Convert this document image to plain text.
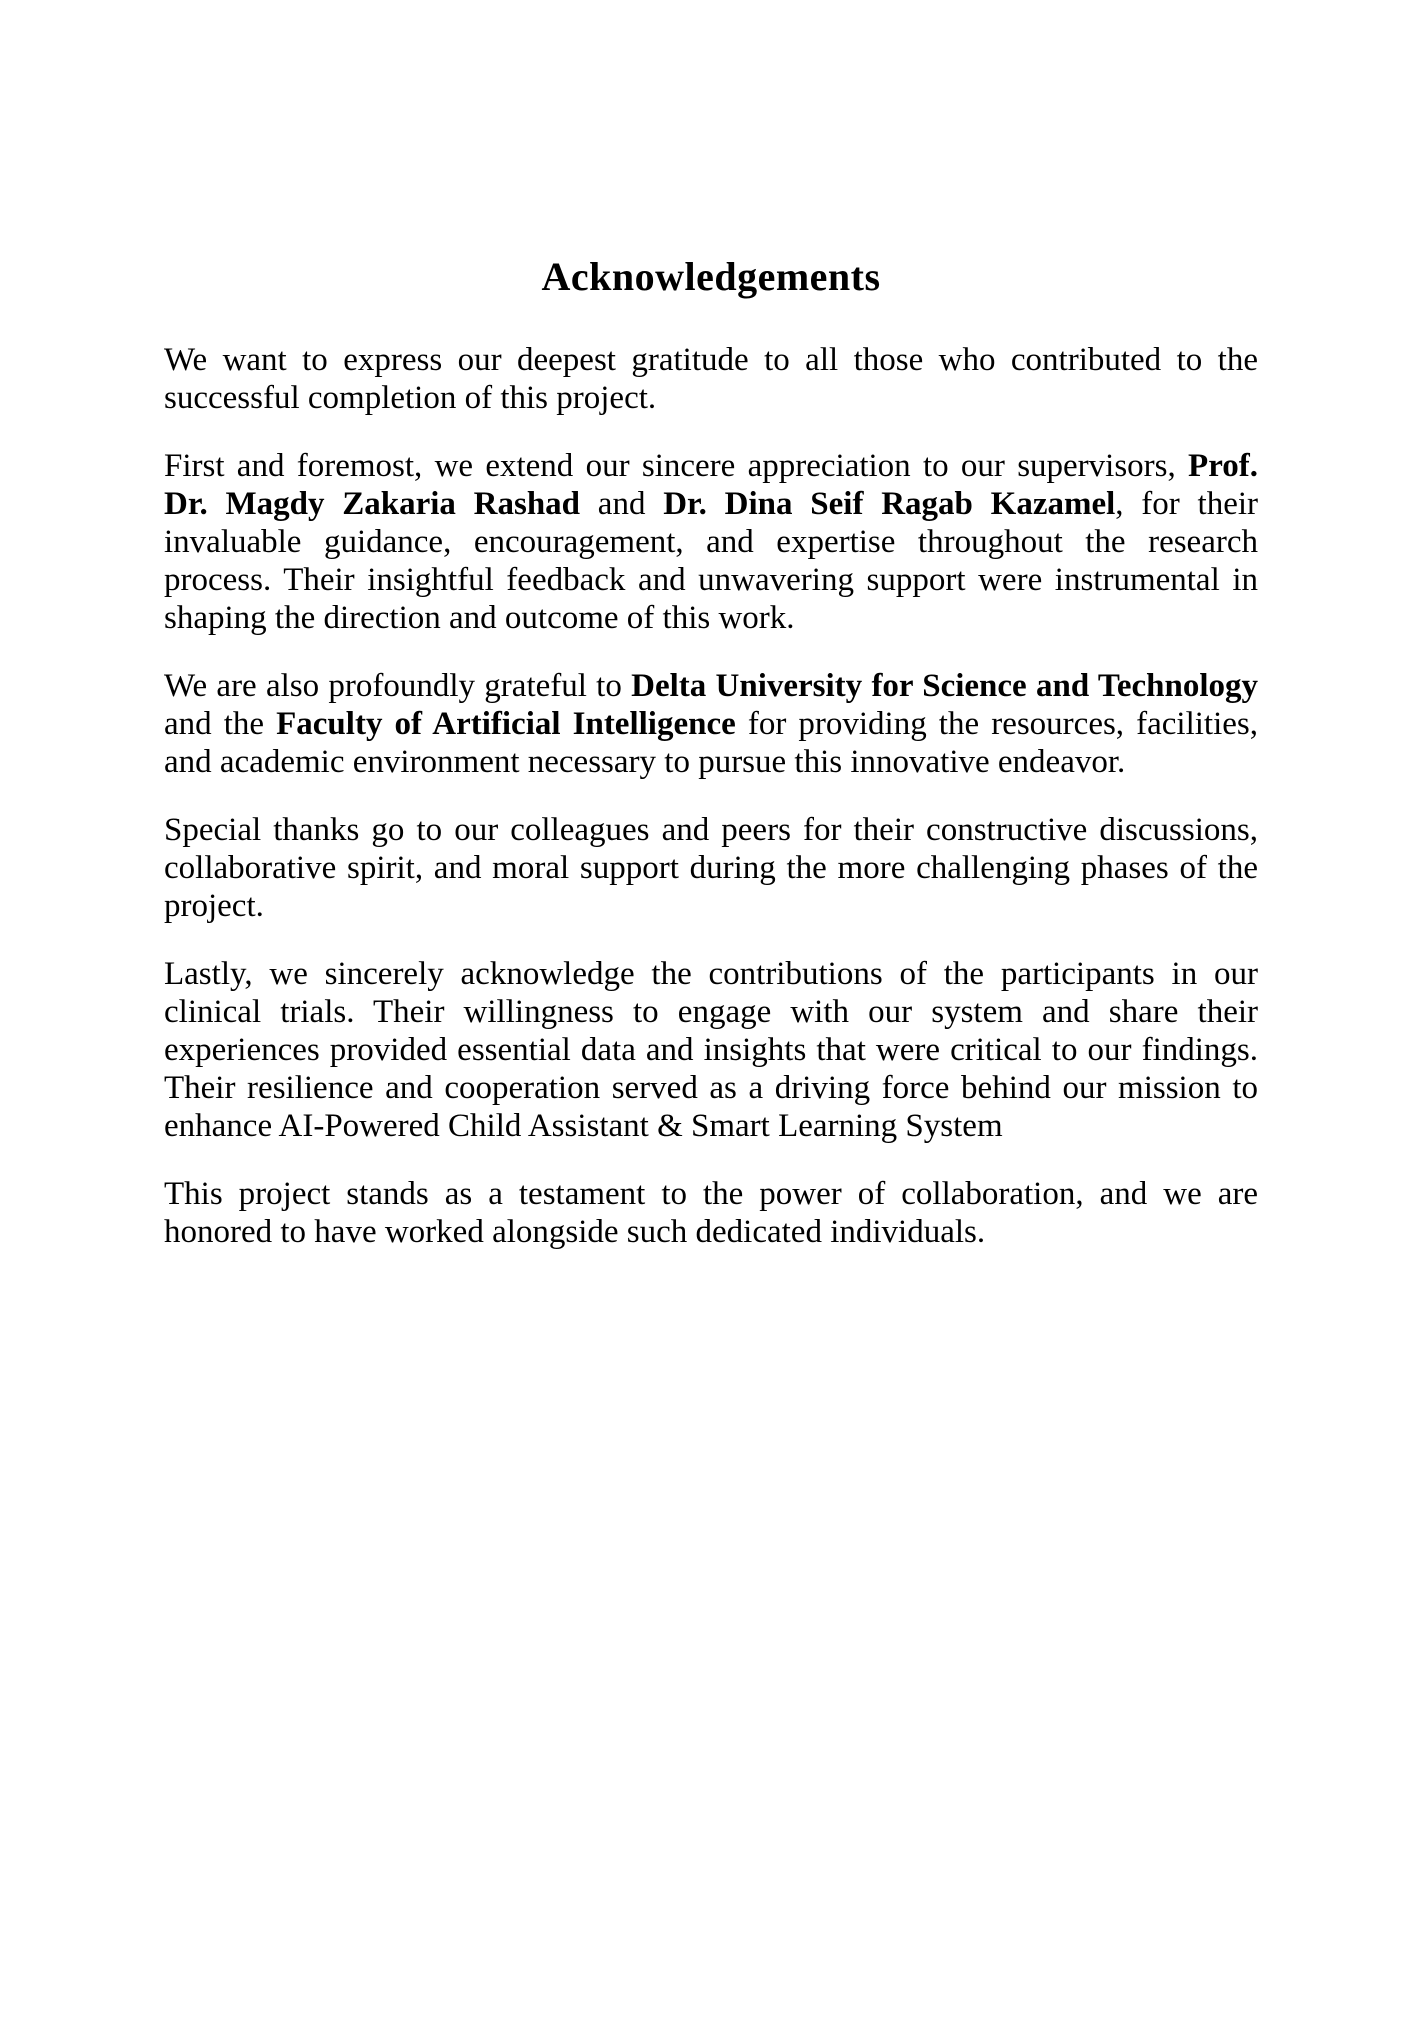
Acknowledgements

We want to express our deepest gratitude to all those who contributed to the successful completion of this project.

First and foremost, we extend our sincere appreciation to our supervisors, Prof. Dr. Magdy Zakaria Rashad and Dr. Dina Seif Ragab Kazamel, for their invaluable guidance, encouragement, and expertise throughout the research process. Their insightful feedback and unwavering support were instrumental in shaping the direction and outcome of this work.

We are also profoundly grateful to Delta University for Science and Technology and the Faculty of Artificial Intelligence for providing the resources, facilities, and academic environment necessary to pursue this innovative endeavor.

Special thanks go to our colleagues and peers for their constructive discussions, collaborative spirit, and moral support during the more challenging phases of the project.

Lastly, we sincerely acknowledge the contributions of the participants in our clinical trials. Their willingness to engage with our system and share their experiences provided essential data and insights that were critical to our findings. Their resilience and cooperation served as a driving force behind our mission to enhance AI-Powered Child Assistant & Smart Learning System

This project stands as a testament to the power of collaboration, and we are honored to have worked alongside such dedicated individuals.
